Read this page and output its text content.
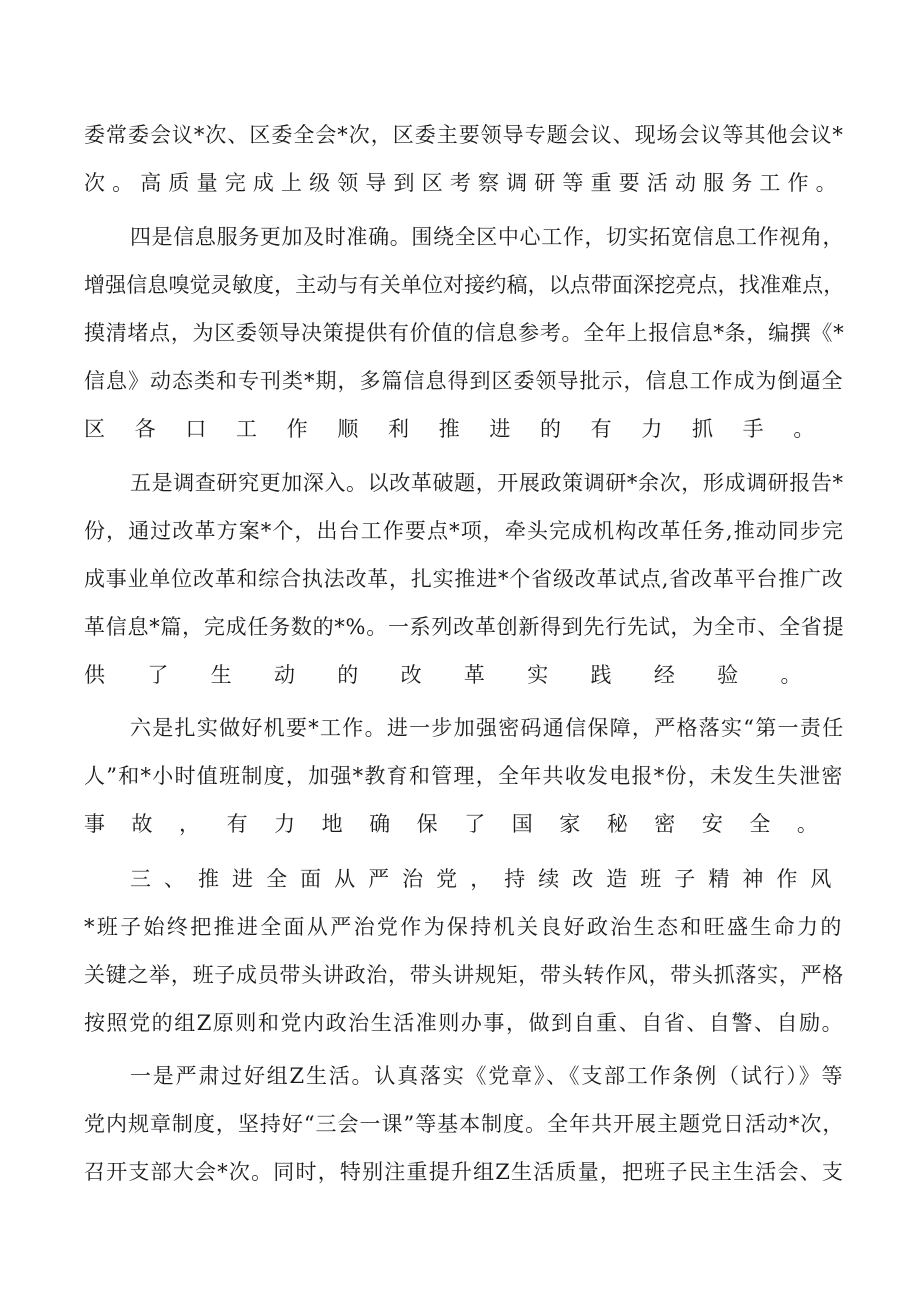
委常委会议*次、区委全会*次，区委主要领导专题会议、现场会议等其他会议*
次。高质量完成上级领导到区考察调研等重要活动服务工作。
四是信息服务更加及时准确。围绕全区中心工作，切实拓宽信息工作视角，
增强信息嗅觉灵敏度，主动与有关单位对接约稿，以点带面深挖亮点，找准难点，
摸清堵点，为区委领导决策提供有价值的信息参考。全年上报信息*条，编撰《*
信息》动态类和专刊类*期，多篇信息得到区委领导批示，信息工作成为倒逼全
区各口工作顺利推进的有力抓手。
五是调查研究更加深入。以改革破题，开展政策调研*余次，形成调研报告*
份，通过改革方案*个，出台工作要点*项，牵头完成机构改革任务,推动同步完
成事业单位改革和综合执法改革，扎实推进*个省级改革试点,省改革平台推广改
革信息*篇，完成任务数的*%。一系列改革创新得到先行先试，为全市、全省提
供了生动的改革实践经验。
六是扎实做好机要*工作。进一步加强密码通信保障，严格落实“第一责任
人”和*小时值班制度，加强*教育和管理，全年共收发电报*份，未发生失泄密
事故，有力地确保了国家秘密安全。
三、推进全面从严治党，持续改造班子精神作风
*班子始终把推进全面从严治党作为保持机关良好政治生态和旺盛生命力的
关键之举，班子成员带头讲政治，带头讲规矩，带头转作风，带头抓落实，严格
按照党的组Z原则和党内政治生活准则办事，做到自重、自省、自警、自励。
一是严肃过好组Z生活。认真落实《党章》、《支部工作条例（试行）》等
党内规章制度，坚持好“三会一课”等基本制度。全年共开展主题党日活动*次，
召开支部大会*次。同时，特别注重提升组Z生活质量，把班子民主生活会、支
